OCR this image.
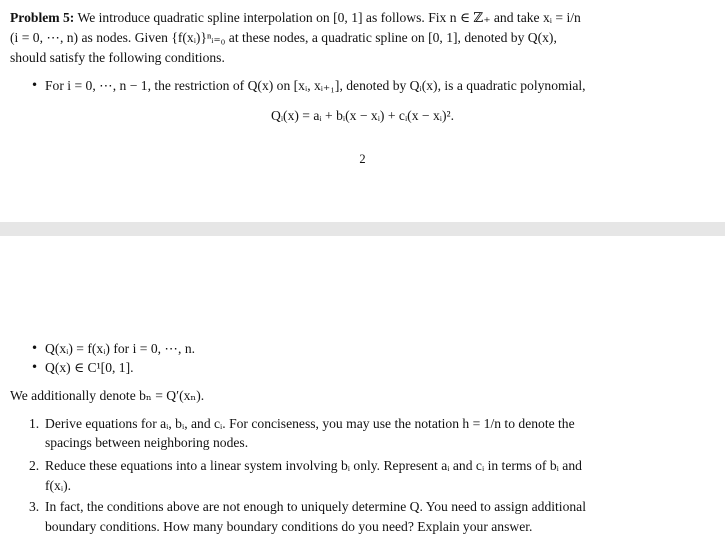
Problem 5: We introduce quadratic spline interpolation on [0, 1] as follows. Fix n ∈ ℤ₊ and take xᵢ = i/n
(i = 0, ⋯, n) as nodes. Given {f(xᵢ)}ⁿᵢ₌₀ at these nodes, a quadratic spline on [0, 1], denoted by Q(x),
should satisfy the following conditions.
• For i = 0, ⋯, n − 1, the restriction of Q(x) on [xᵢ, xᵢ₊₁], denoted by Qᵢ(x), is a quadratic polynomial,
Qᵢ(x) = aᵢ + bᵢ(x − xᵢ) + cᵢ(x − xᵢ)².
2
• Q(xᵢ) = f(xᵢ) for i = 0, ⋯, n.
• Q(x) ∈ C¹[0, 1].
We additionally denote bₙ = Q′(xₙ).
1. Derive equations for aᵢ, bᵢ, and cᵢ. For conciseness, you may use the notation h = 1/n to denote the
spacings between neighboring nodes.
2. Reduce these equations into a linear system involving bᵢ only. Represent aᵢ and cᵢ in terms of bᵢ and
f(xᵢ).
3. In fact, the conditions above are not enough to uniquely determine Q. You need to assign additional
boundary conditions. How many boundary conditions do you need? Explain your answer.
